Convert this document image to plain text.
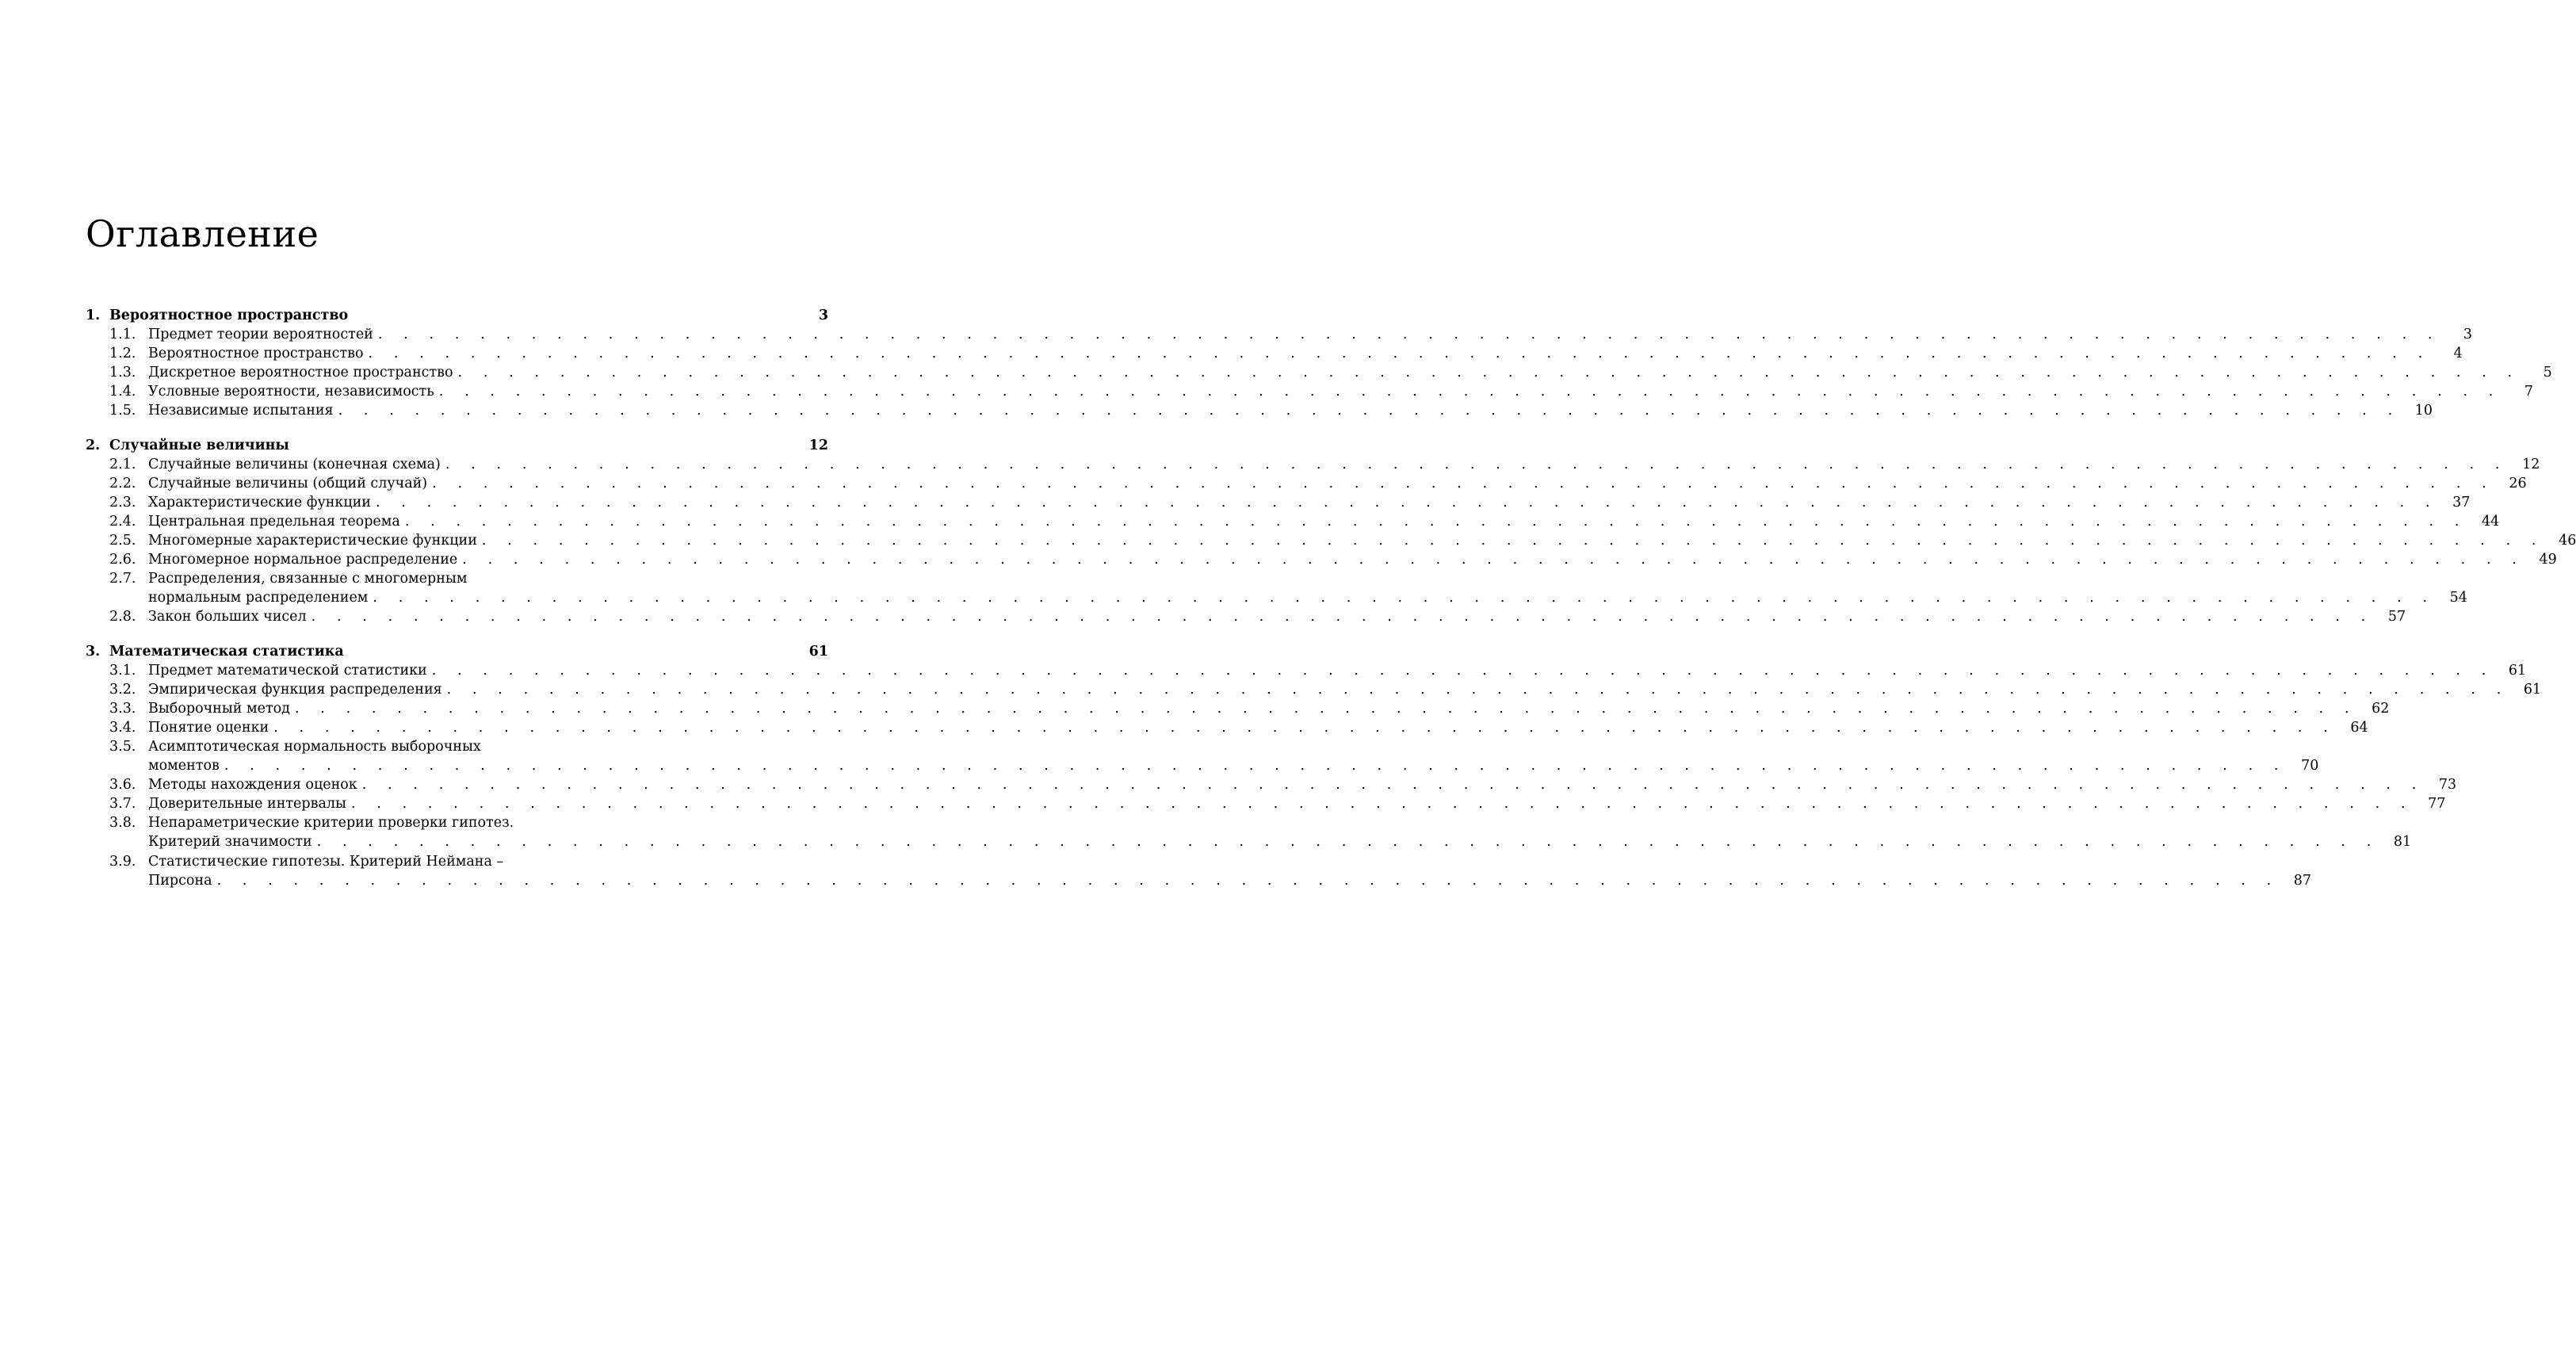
Оглавление
1. Вероятностное пространство	3
1.1. Предмет теории вероятностей . . . . . . . . . . . . . . . . . . . . . . . . . . . . . . . . . . . . . . . . . . . . . . . . . . . . . . . . . . . . . . . . . . . . . . . . . . . . . . . . .	3
1.2. Вероятностное пространство . . . . . . . . . . . . . . . . . . . . . . . . . . . . . . . . . . . . . . . . . . . . . . . . . . . . . . . . . . . . . . . . . . . . . . . . . . . . . . . . .	4
1.3. Дискретное вероятностное пространство . . . . . . . . . . . . . . . . . . . . . . . . . . . . . . . . . . . . . . . . . . . . . . . . . . . . . . . . . . . . . . . . . . . . . . . . . . . . . . . . .	5
1.4. Условные вероятности, независимость . . . . . . . . . . . . . . . . . . . . . . . . . . . . . . . . . . . . . . . . . . . . . . . . . . . . . . . . . . . . . . . . . . . . . . . . . . . . . . . . .	7
1.5. Независимые испытания . . . . . . . . . . . . . . . . . . . . . . . . . . . . . . . . . . . . . . . . . . . . . . . . . . . . . . . . . . . . . . . . . . . . . . . . . . . . . . . . . 10
2. Случайные величины	12
2.1. Случайные величины (конечная схема) . . . . . . . . . . . . . . . . . . . . . . . . . . . . . . . . . . . . . . . . . . . . . . . . . . . . . . . . . . . . . . . . . . . . . . . . . . . . . . . . . 12
2.2. Случайные величины (общий случай) . . . . . . . . . . . . . . . . . . . . . . . . . . . . . . . . . . . . . . . . . . . . . . . . . . . . . . . . . . . . . . . . . . . . . . . . . . . . . . . . . 26
2.3. Характеристические функции . . . . . . . . . . . . . . . . . . . . . . . . . . . . . . . . . . . . . . . . . . . . . . . . . . . . . . . . . . . . . . . . . . . . . . . . . . . . . . . . . 37
2.4. Центральная предельная теорема . . . . . . . . . . . . . . . . . . . . . . . . . . . . . . . . . . . . . . . . . . . . . . . . . . . . . . . . . . . . . . . . . . . . . . . . . . . . . . . . . 44
2.5. Многомерные характеристические функции . . . . . . . . . . . . . . . . . . . . . . . . . . . . . . . . . . . . . . . . . . . . . . . . . . . . . . . . . . . . . . . . . . . . . . . . . . . . . . . . . 46
2.6. Многомерное нормальное распределение . . . . . . . . . . . . . . . . . . . . . . . . . . . . . . . . . . . . . . . . . . . . . . . . . . . . . . . . . . . . . . . . . . . . . . . . . . . . . . . . . 49
2.7. Распределения, связанные с многомерным
нормальным распределением . . . . . . . . . . . . . . . . . . . . . . . . . . . . . . . . . . . . . . . . . . . . . . . . . . . . . . . . . . . . . . . . . . . . . . . . . . . . . . . . . 54
2.8. Закон больших чисел . . . . . . . . . . . . . . . . . . . . . . . . . . . . . . . . . . . . . . . . . . . . . . . . . . . . . . . . . . . . . . . . . . . . . . . . . . . . . . . . . 57
3. Математическая статистика	61
3.1. Предмет математической статистики . . . . . . . . . . . . . . . . . . . . . . . . . . . . . . . . . . . . . . . . . . . . . . . . . . . . . . . . . . . . . . . . . . . . . . . . . . . . . . . . . 61
3.2. Эмпирическая функция распределения . . . . . . . . . . . . . . . . . . . . . . . . . . . . . . . . . . . . . . . . . . . . . . . . . . . . . . . . . . . . . . . . . . . . . . . . . . . . . . . . . 61
3.3. Выборочный метод . . . . . . . . . . . . . . . . . . . . . . . . . . . . . . . . . . . . . . . . . . . . . . . . . . . . . . . . . . . . . . . . . . . . . . . . . . . . . . . . . 62
3.4. Понятие оценки . . . . . . . . . . . . . . . . . . . . . . . . . . . . . . . . . . . . . . . . . . . . . . . . . . . . . . . . . . . . . . . . . . . . . . . . . . . . . . . . . 64
3.5. Асимптотическая нормальность выборочных
моментов . . . . . . . . . . . . . . . . . . . . . . . . . . . . . . . . . . . . . . . . . . . . . . . . . . . . . . . . . . . . . . . . . . . . . . . . . . . . . . . . . 70
3.6. Методы нахождения оценок . . . . . . . . . . . . . . . . . . . . . . . . . . . . . . . . . . . . . . . . . . . . . . . . . . . . . . . . . . . . . . . . . . . . . . . . . . . . . . . . . 73
3.7. Доверительные интервалы . . . . . . . . . . . . . . . . . . . . . . . . . . . . . . . . . . . . . . . . . . . . . . . . . . . . . . . . . . . . . . . . . . . . . . . . . . . . . . . . . 77
3.8. Непараметрические критерии проверки гипотез.
Критерий значимости . . . . . . . . . . . . . . . . . . . . . . . . . . . . . . . . . . . . . . . . . . . . . . . . . . . . . . . . . . . . . . . . . . . . . . . . . . . . . . . . . 81
3.9. Статистические гипотезы. Критерий Неймана –
Пирсона . . . . . . . . . . . . . . . . . . . . . . . . . . . . . . . . . . . . . . . . . . . . . . . . . . . . . . . . . . . . . . . . . . . . . . . . . . . . . . . . . 87
